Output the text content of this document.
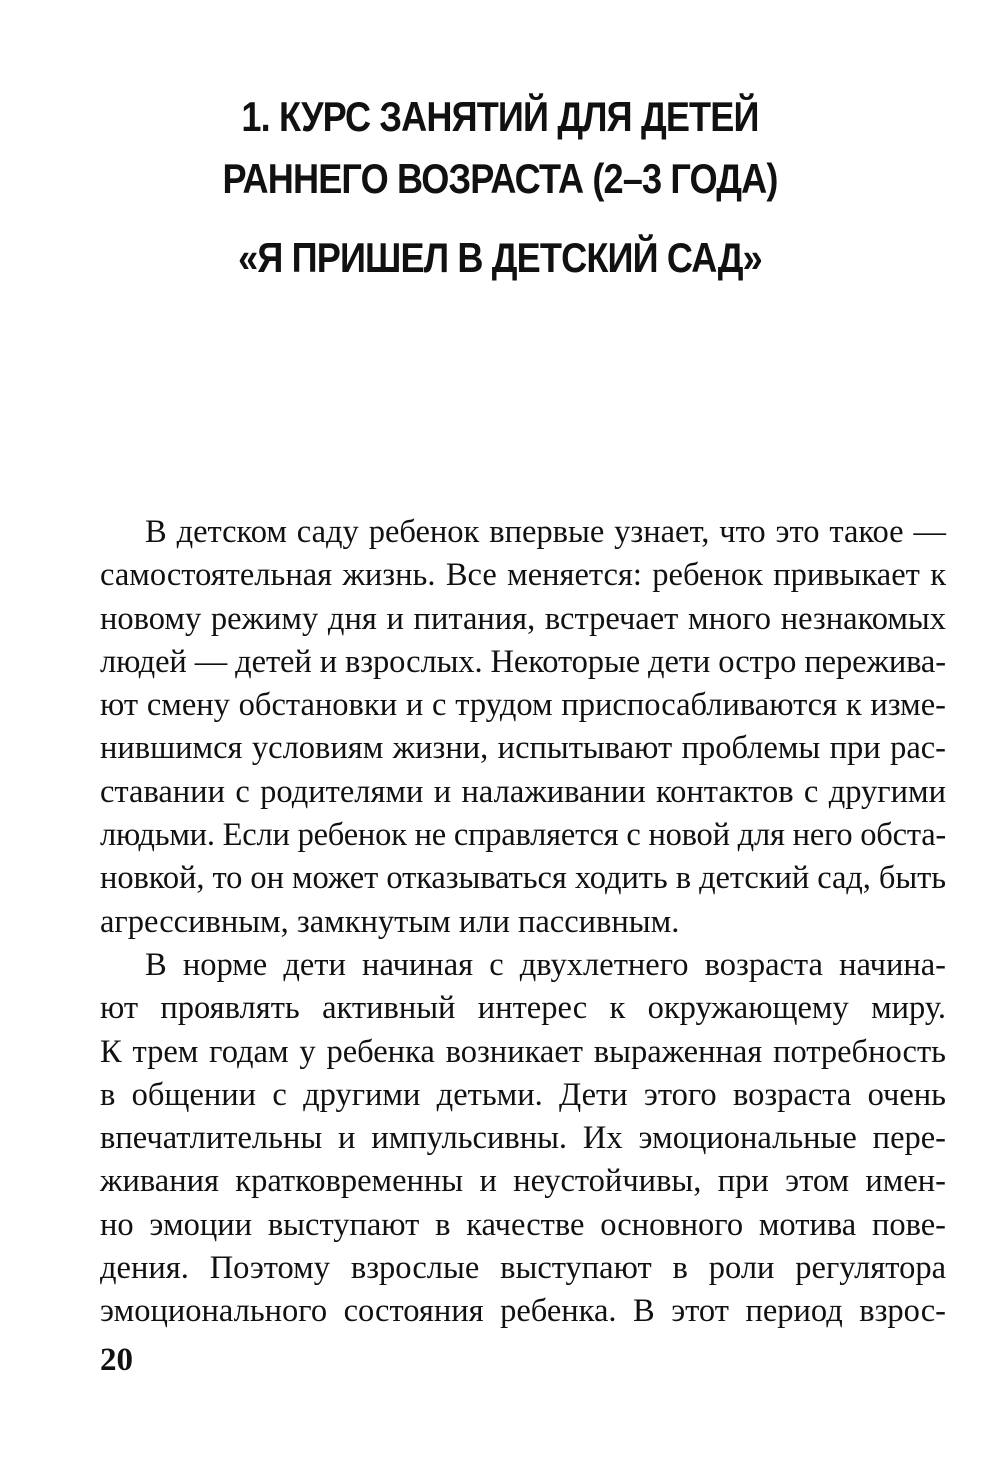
1. КУРС ЗАНЯТИЙ ДЛЯ ДЕТЕЙ
РАННЕГО ВОЗРАСТА (2–3 ГОДА)
«Я ПРИШЕЛ В ДЕТСКИЙ САД»

В детском саду ребенок впервые узнает, что это такое —
самостоятельная жизнь. Все меняется: ребенок привыкает к
новому режиму дня и питания, встречает много незнакомых
людей — детей и взрослых. Некоторые дети остро пережива-
ют смену обстановки и с трудом приспосабливаются к изме-
нившимся условиям жизни, испытывают проблемы при рас-
ставании с родителями и налаживании контактов с другими
людьми. Если ребенок не справляется с новой для него обста-
новкой, то он может отказываться ходить в детский сад, быть
агрессивным, замкнутым или пассивным.

В норме дети начиная с двухлетнего возраста начина-
ют проявлять активный интерес к окружающему миру.
К трем годам у ребенка возникает выраженная потребность
в общении с другими детьми. Дети этого возраста очень
впечатлительны и импульсивны. Их эмоциональные пере-
живания кратковременны и неустойчивы, при этом имен-
но эмоции выступают в качестве основного мотива пове-
дения. Поэтому взрослые выступают в роли регулятора
эмоционального состояния ребенка. В этот период взрос-

20
